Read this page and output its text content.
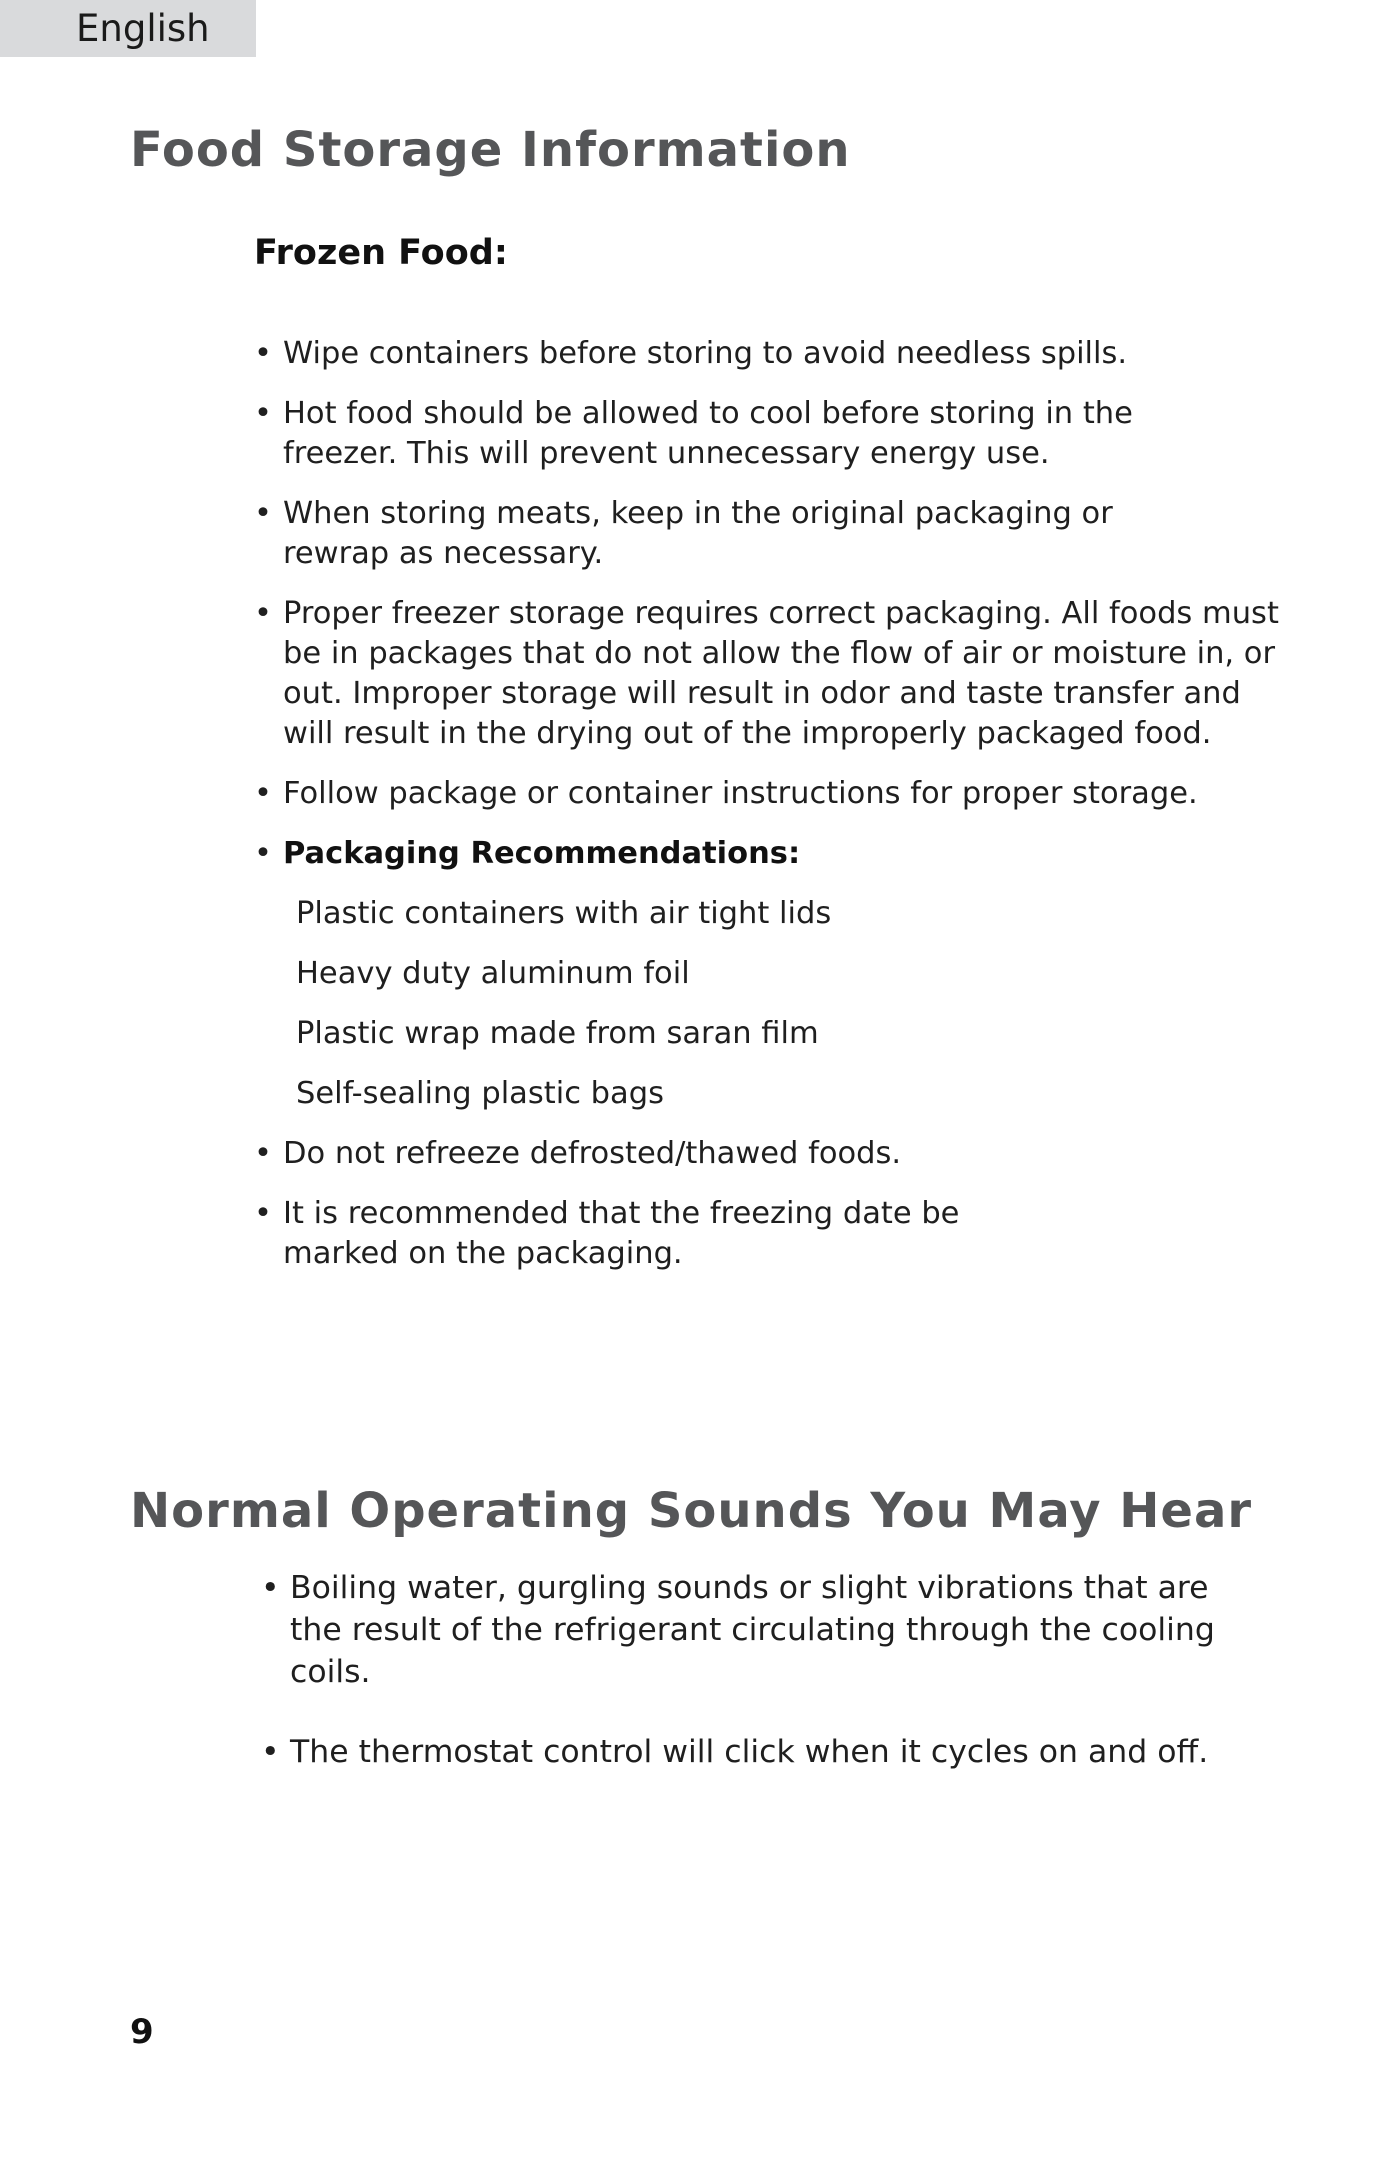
English
Food Storage Information
Frozen Food:
• Wipe containers before storing to avoid needless spills.
• Hot food should be allowed to cool before storing in the freezer. This will prevent unnecessary energy use.
• When storing meats, keep in the original packaging or rewrap as necessary.
• Proper freezer storage requires correct packaging. All foods must be in packages that do not allow the flow of air or moisture in, or out. Improper storage will result in odor and taste transfer and will result in the drying out of the improperly packaged food.
• Follow package or container instructions for proper storage.
• Packaging Recommendations:
Plastic containers with air tight lids
Heavy duty aluminum foil
Plastic wrap made from saran film
Self-sealing plastic bags
• Do not refreeze defrosted/thawed foods.
• It is recommended that the freezing date be marked on the packaging.
Normal Operating Sounds You May Hear
• Boiling water, gurgling sounds or slight vibrations that are the result of the refrigerant circulating through the cooling coils.
• The thermostat control will click when it cycles on and off.
9
